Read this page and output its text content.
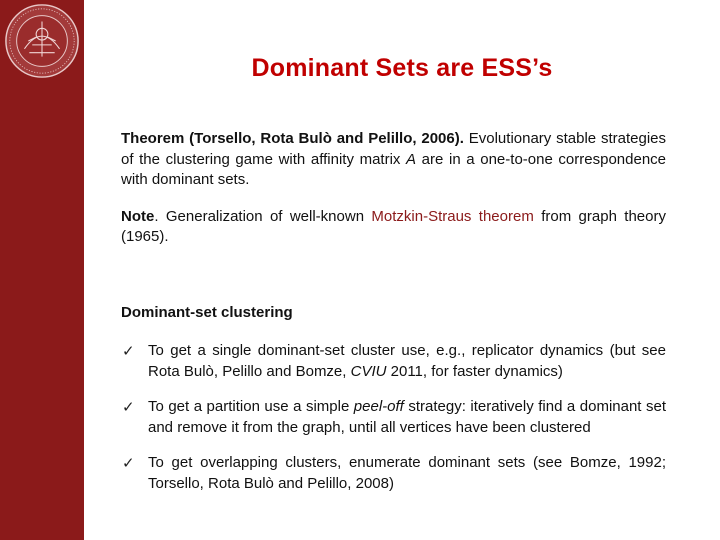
Dominant Sets are ESS’s

Theorem (Torsello, Rota Bulò and Pelillo, 2006). Evolutionary stable strategies of the clustering game with affinity matrix A are in a one-to-one correspondence with dominant sets.

Note. Generalization of well-known Motzkin-Straus theorem from graph theory (1965).

Dominant-set clustering
✓ To get a single dominant-set cluster use, e.g., replicator dynamics (but see Rota Bulò, Pelillo and Bomze, CVIU 2011, for faster dynamics)
✓ To get a partition use a simple peel-off strategy: iteratively find a dominant set and remove it from the graph, until all vertices have been clustered
✓ To get overlapping clusters, enumerate dominant sets (see Bomze, 1992; Torsello, Rota Bulò and Pelillo, 2008)
